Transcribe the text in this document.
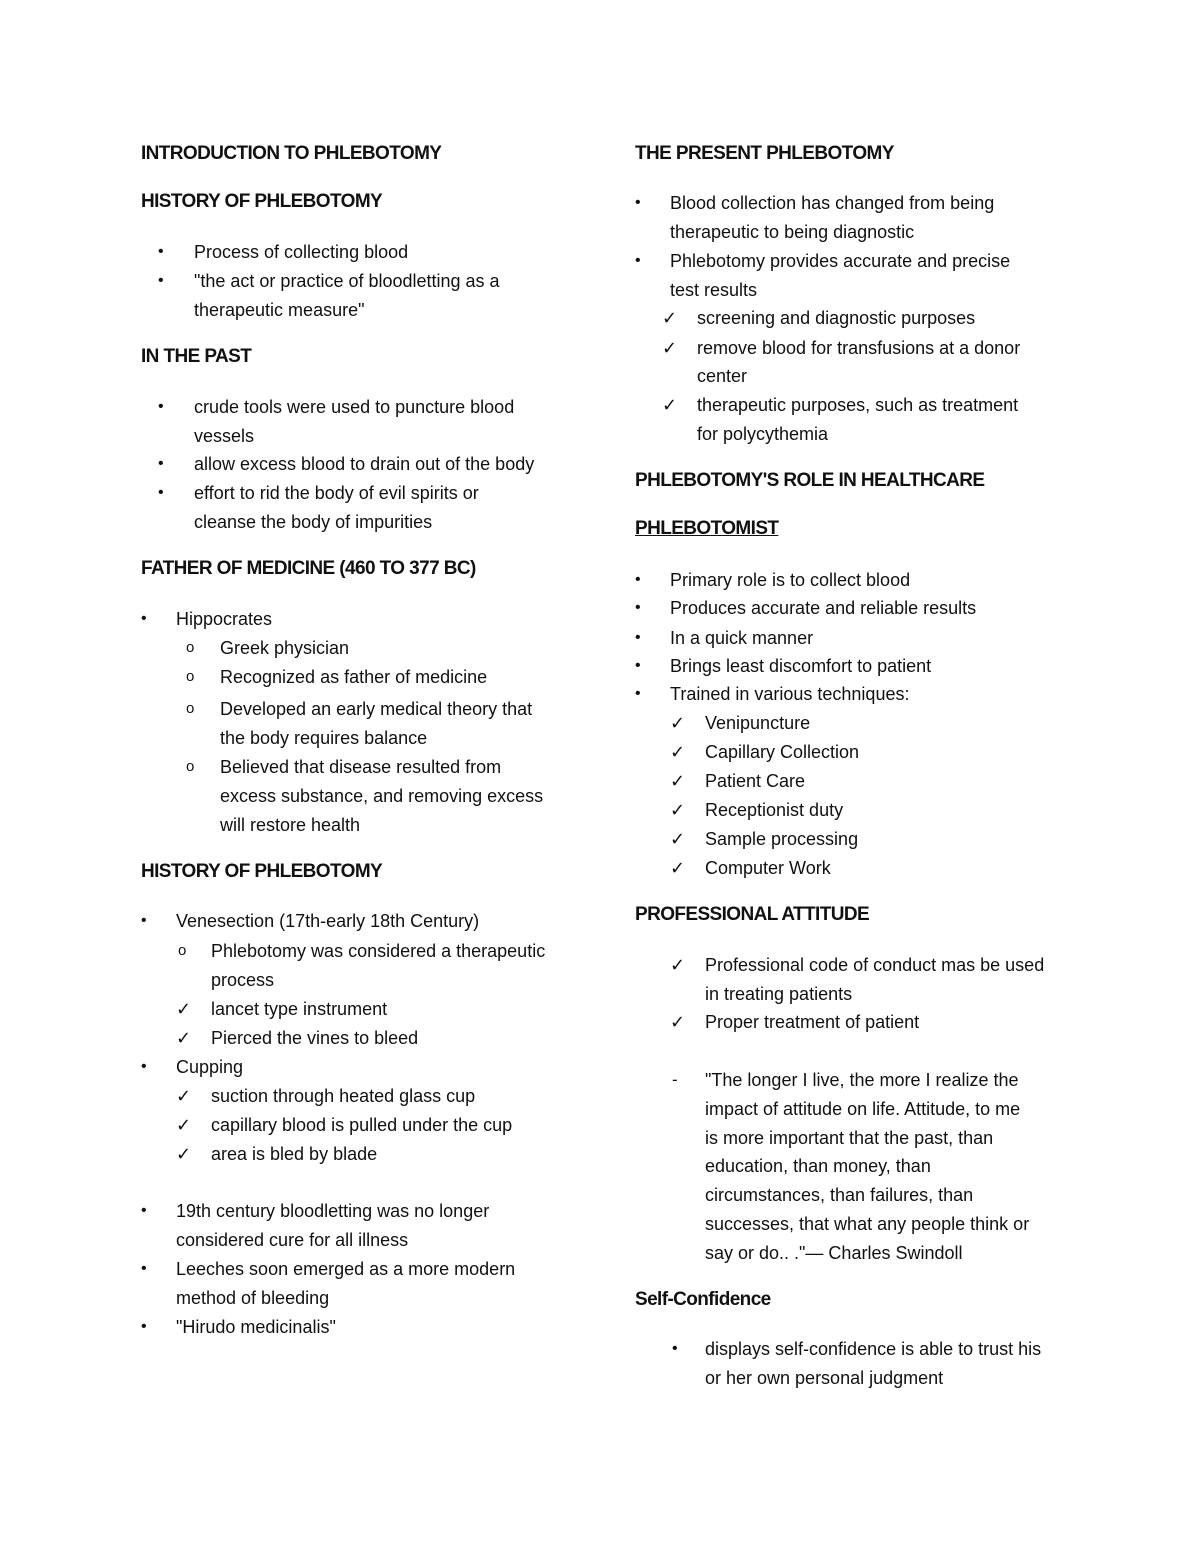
INTRODUCTION TO PHLEBOTOMY
HISTORY OF PHLEBOTOMY
• Process of collecting blood
• "the act or practice of bloodletting as a
therapeutic measure"
IN THE PAST
• crude tools were used to puncture blood
vessels
• allow excess blood to drain out of the body
• effort to rid the body of evil spirits or
cleanse the body of impurities
FATHER OF MEDICINE (460 TO 377 BC)
• Hippocrates
o Greek physician
o Recognized as father of medicine
o Developed an early medical theory that
the body requires balance
o Believed that disease resulted from
excess substance, and removing excess
will restore health
HISTORY OF PHLEBOTOMY
• Venesection (17th-early 18th Century)
o Phlebotomy was considered a therapeutic
process
✓ lancet type instrument
✓ Pierced the vines to bleed
• Cupping
✓ suction through heated glass cup
✓ capillary blood is pulled under the cup
✓ area is bled by blade
• 19th century bloodletting was no longer
considered cure for all illness
• Leeches soon emerged as a more modern
method of bleeding
• "Hirudo medicinalis"
THE PRESENT PHLEBOTOMY
• Blood collection has changed from being
therapeutic to being diagnostic
• Phlebotomy provides accurate and precise
test results
✓ screening and diagnostic purposes
✓ remove blood for transfusions at a donor
center
✓ therapeutic purposes, such as treatment
for polycythemia
PHLEBOTOMY'S ROLE IN HEALTHCARE
PHLEBOTOMIST
• Primary role is to collect blood
• Produces accurate and reliable results
• In a quick manner
• Brings least discomfort to patient
• Trained in various techniques:
✓ Venipuncture
✓ Capillary Collection
✓ Patient Care
✓ Receptionist duty
✓ Sample processing
✓ Computer Work
PROFESSIONAL ATTITUDE
✓ Professional code of conduct mas be used
in treating patients
✓ Proper treatment of patient
- "The longer I live, the more I realize the
impact of attitude on life. Attitude, to me
is more important that the past, than
education, than money, than
circumstances, than failures, than
successes, that what any people think or
say or do.. ."— Charles Swindoll
Self-Confidence
• displays self-confidence is able to trust his
or her own personal judgment
